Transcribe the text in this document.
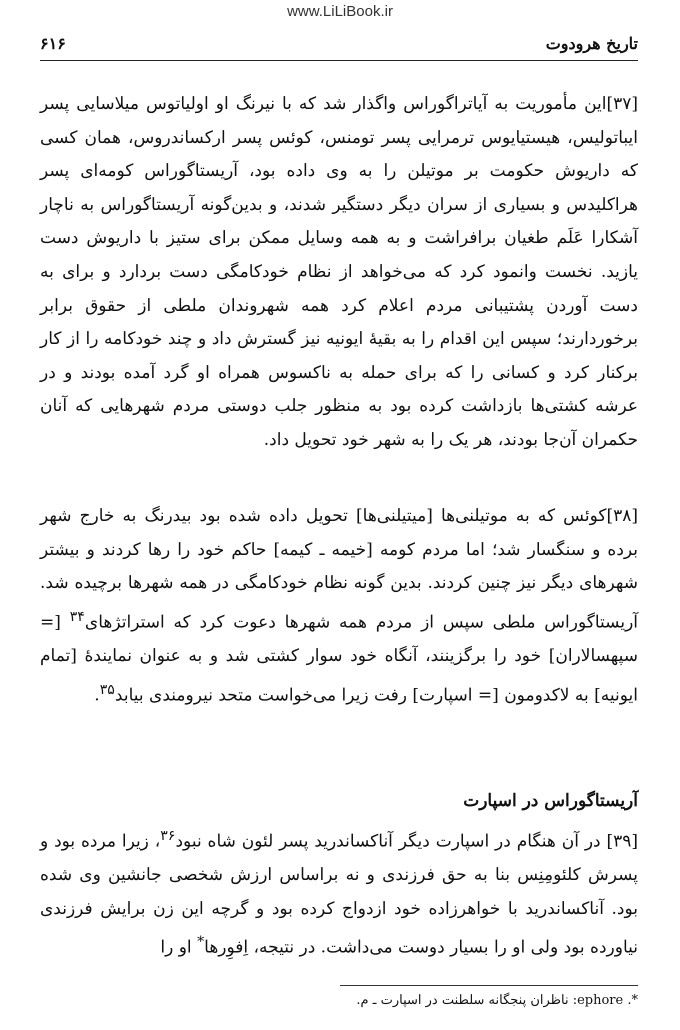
www.LiLiBook.ir
تاریخ هرودوت
۶۱۶

[۳۷]این مأموریت به آیاتراگوراس واگذار شد که با نیرنگ او اولیاتوس میلاسایی پسر ایباتولیس، هیستیایوس ترمرایی پسر تومنس، کوئس پسر ارکساندروس، همان کسی که داریوش حکومت بر موتیلن را به وی داده بود، آریستاگوراس کومه‌ای پسر هراکلیدس و بسیاری از سران دیگر دستگیر شدند، و بدین‌گونه آریستاگوراس به ناچار آشکارا عَلَم طغیان برافراشت و به همه وسایل ممکن برای ستیز با داریوش دست یازید. نخست وانمود کرد که می‌خواهد از نظام خودکامگی دست بردارد و برای به دست آوردن پشتیبانی مردم اعلام کرد همه شهروندان ملطی از حقوق برابر برخوردارند؛ سپس این اقدام را به بقیهٔ ایونیه نیز گسترش داد و چند خودکامه را از کار برکنار کرد و کسانی را که برای حمله به ناکسوس همراه او گرد آمده بودند و در عرشه کشتی‌ها بازداشت کرده بود به منظور جلب دوستی مردم شهرهایی که آنان حکمران آن‌جا بودند، هر یک را به شهر خود تحویل داد.

[۳۸]کوئس که به موتیلنی‌ها [میتیلنی‌ها] تحویل داده شده بود بیدرنگ به خارج شهر برده و سنگسار شد؛ اما مردم کومه [خیمه ـ کیمه] حاکم خود را رها کردند و بیشتر شهرهای دیگر نیز چنین کردند. بدین گونه نظام خودکامگی در همه شهرها برچیده شد. آریستاگوراس ملطی سپس از مردم همه شهرها دعوت کرد که استراتژهای$^{۳۴}$ [= سپهسالاران] خود را برگزینند، آنگاه خود سوار کشتی شد و به عنوان نمایندهٔ [تمام ایونیه] به لاکدومون [= اسپارت] رفت زیرا می‌خواست متحد نیرومندی بیابد$^{۳۵}$.

آریستاگوراس در اسپارت

[۳۹] در آن هنگام در اسپارت دیگر آناکساندرید پسر لئون شاه نبود$^{۳۶}$، زیرا مرده بود و پسرش کلئومِنِس بنا به حق فرزندی و نه براساس ارزش شخصی جانشین وی شده بود. آناکساندرید با خواهرزاده خود ازدواج کرده بود و گرچه این زن برایش فرزندی نیاورده بود ولی او را بسیار دوست می‌داشت. در نتیجه، اِفوِرها* او را

*. ephore: ناظران پنجگانه سلطنت در اسپارت ـ م.
